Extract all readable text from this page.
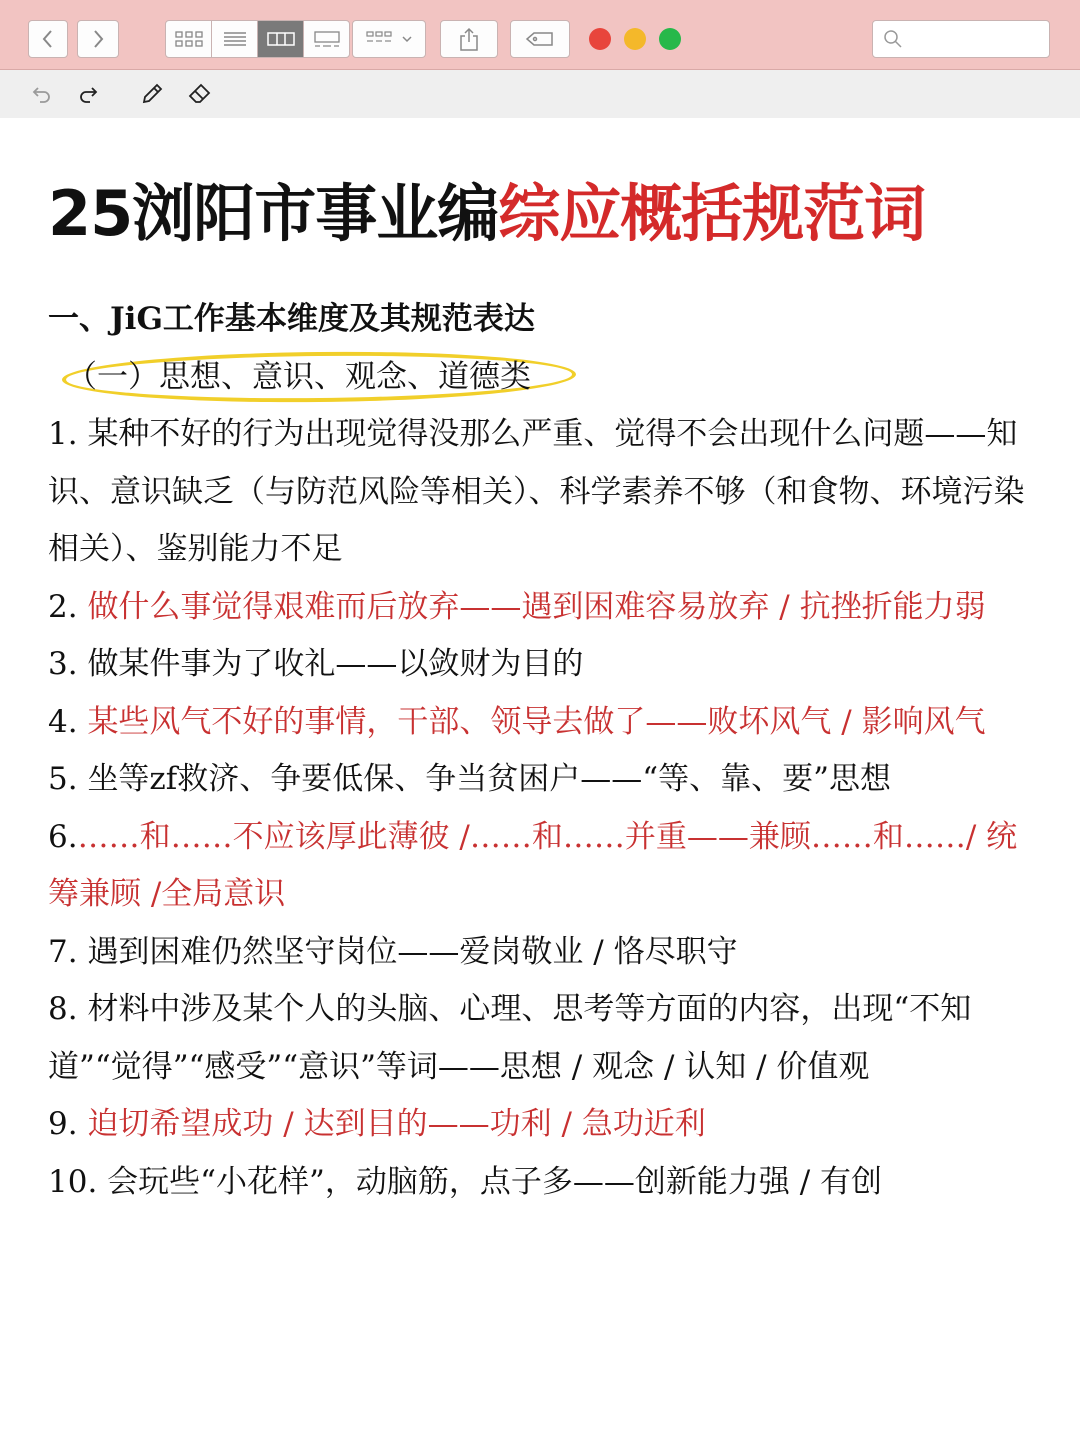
25浏阳市事业编综应概括规范词
一、JiG工作基本维度及其规范表达
（一）思想、意识、观念、道德类
1. 某种不好的行为出现觉得没那么严重、觉得不会出现什么问题——知识、意识缺乏（与防范风险等相关）、科学素养不够（和食物、环境污染相关）、鉴别能力不足
2. 做什么事觉得艰难而后放弃——遇到困难容易放弃 / 抗挫折能力弱
3. 做某件事为了收礼——以敛财为目的
4. 某些风气不好的事情，干部、领导去做了——败坏风气 / 影响风气
5. 坐等zf救济、争要低保、争当贫困户——“等、靠、要”思想
6.……和……不应该厚此薄彼 /……和……并重——兼顾……和……/ 统筹兼顾 /全局意识
7. 遇到困难仍然坚守岗位——爱岗敬业 / 恪尽职守
8. 材料中涉及某个人的头脑、心理、思考等方面的内容，出现“不知道”“觉得”“感受”“意识”等词——思想 / 观念 / 认知 / 价值观
9. 迫切希望成功 / 达到目的——功利 / 急功近利
10. 会玩些“小花样”，动脑筋，点子多——创新能力强 / 有创
